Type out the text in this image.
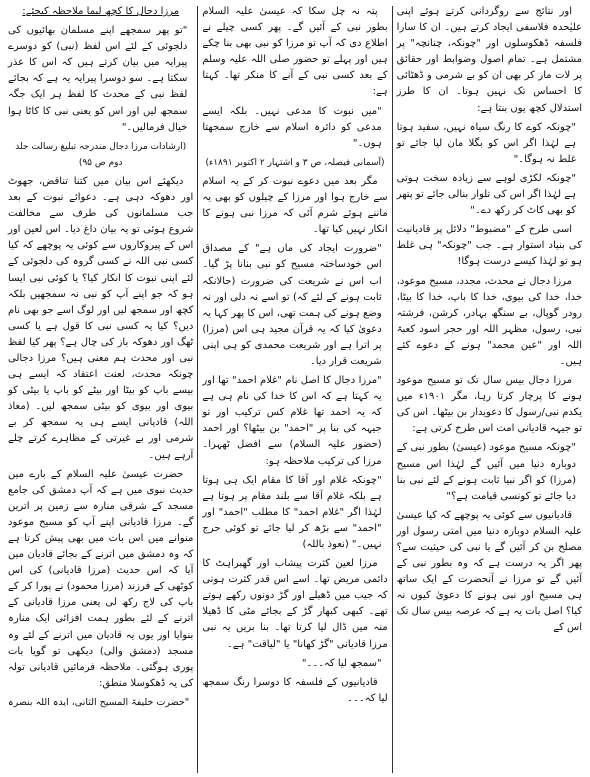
اور نتائج سے روگردانی کرتے ہوئے اپنی علیٰحدہ فلاسفی ایجاد کرتے ہیں۔ ان کا سارا فلسفہ ڈھکوسلوں اور "چونکہ، چنانچہ" پر مشتمل ہے۔ تمام اصول وضوابط اور حقائق پر لات مار کر بھی ان کو بے شرمی و ڈھٹائی کا احساس تک نہیں ہوتا۔ ان کا طرز استدلال کچھ یوں بنتا ہے:

"چونکہ کوے کا رنگ سیاہ نہیں، سفید ہوتا ہے لہٰذا اگر اس کو بگلا مان لیا جائے تو غلط نہ ہوگا۔"

"چونکہ لکڑی لوہے سے زیادہ سخت ہوتی ہے لہٰذا اگر اس کی تلوار بنالی جائے تو پتھر کو بھی کاٹ کر رکھ دے۔"

اسی طرح کے "مضبوط" دلائل پر قادیانیت کی بنیاد استوار ہے۔ جب "چونکہ" ہی غلط ہو تو لہٰذا کیسے درست ہوگا!

مرزا دجال نے محدث، مجدد، مسیح موعود، خدا، خدا کی بیوی، خدا کا باپ، خدا کا بیٹا، رودر گوپال، بے سنگھ بہادر، کرشن، فرشتہ نبی، رسول، مظہر اللہ اور حجر اسود کعبۃ اللہ اور "عین محمد" ہونے کے دعوے کئے ہیں۔

مرزا دجال بیس سال تک تو مسیح موعود ہونے کا پرچار کرتا رہا، مگر ۱۹۰۱ء میں یکدم نبی/رسول کا دعویدار بن بیٹھا۔ اس کی تو جیہہ قادیانی امت اس طرح کرتی ہے:

"چونکہ مسیح موعود (عیسیٰ) بطور نبی کے دوبارہ دنیا میں آئیں گے لہٰذا اس مسیح (مرزا) کو اگر نبیا ثابت ہونے کے لئے نبی بنا دیا جائے تو کونسی قیامت ہے؟"

قادیانیوں سے کوئی یہ پوچھے کہ کیا عیسیٰ علیہ السلام دوبارہ دنیا میں امتی رسول اور مصلح بن کر آئیں گے یا نبی کی حیثیت سے؟ پھر اگر یہ درست ہے کہ وہ بطور نبی کے آئیں گے تو مرزا نے آنحضرت کے ایک ساتھ ہی مسیح اور نبی ہونے کا دعویٰ کیوں نہ کیا؟ اصل بات یہ ہے کہ عرصہ بیس سال تک اس کے

پتہ نہ چل سکا کہ عیسیٰ علیہ السلام بطور نبی کے آئیں گے۔ پھر کسی چیلے نے اطلاع دی کہ آپ تو مرزا کو نبی بھی بنا چکے ہیں اور پہلے تو حضور صلی اللہ علیہ وسلم کے بعد کسی نبی کے آنے کا منکر تھا۔ کہتا ہے:

"میں نبوت کا مدعی نہیں۔ بلکہ ایسے مدعی کو دائرہ اسلام سے خارج سمجھتا ہوں۔"

(آسمانی فیصلہ، ص ۳ و اشتہار ۲ اکتوبر ۱۸۹۱ء)

مگر بعد میں دعوے نبوت کر کے یہ اسلام سے خارج ہوا اور مرزا کے چیلوں کو بھی یہ ماننے ہوئے شرم آئی کہ مرزا نبی ہونے کا انکار نہیں کیا تھا۔

"ضرورت ایجاد کی ماں ہے" کے مصداق اس خودساختہ مسیح کو نبی بنانا پڑ گیا۔ اب اس نے شریعت کی ضرورت (حالانکہ ثابت ہونے کے لئے کہ) تو اسے نہ دلی اور نہ وضع ہونے کی ہمت تھی، اس کا پھر کہا یہ دعویٰ کیا کہ یہ قرآن مجید ہی اس (مرزا) پر اترا ہے اور شریعت محمدی کو ہی اپنی شریعت قرار دیا۔

"مرزا دجال کا اصل نام "غلام احمد" تھا اور یہ کہتا ہے کہ اس کا خدا کی نام ہی ہے کہ یہ احمد تھا غلام کس ترکیب اور تو جیہہ کی بنا پر "احمد" بن بیٹھا؟ اور احمد (حضور علیہ السلام) سے افضل ٹھہرا۔ مرزا کی ترکیب ملاحظہ ہو:

"چونکہ غلام اور آقا کا مقام ایک ہی ہوتا ہے بلکہ غلام آقا سے بلند مقام پر ہوتا ہے لہٰذا اگر "غلام احمد" کا مطلب "احمد" اور "احمد" سے بڑھ کر لیا جائے تو کوئی حرج نہیں۔" (نعوذ باللہ)

مرزا لعین کثرت پیشاب اور گھبراہٹ کا دائمی مریض تھا۔ اسے اس قدر کثرت ہوتی کہ جیب میں ڈھیلے اور گڑ دونوں رکھے ہوتے تھے۔ کبھی کبھار گڑ کے بجائے مٹی کا ڈھیلا منہ میں ڈال لیا کرتا تھا۔ بنا بریں یہ نبی مرزا قادیانی "گڑ کھانا" یا "لیاقت" ہے۔

"سمجھ لیا کہ۔۔۔"

قادیانیوں کے فلسفہ کا دوسرا رنگ سمجھ لیا کہ۔۔۔

مرزا دجال کا کچھ لیما ملاحظہ کیجئے:

"تو پھر سمجھے اپنے مسلمان بھائیوں کی دلجوئی کے لئے اس لفظ (نبی) کو دوسرے پیرایہ میں بیان کرتے ہیں کہ اس کا عذر سکتا ہے۔ سو دوسرا پیرایہ یہ ہے کہ بجائے لفظ نبی کے محدث کا لفظ ہر ایک جگہ سمجھ لیں اور اس کو یعنی نبی کا کاٹا ہوا خیال فرمالیں۔"

(ارشادات مرزا دجال مندرجہ تبلیغ رسالت جلد دوم ص ۹۵)

دیکھئے اس بیان میں کتنا تناقض، جھوٹ اور دھوکہ دہی ہے۔ دعوائے نبوت کے بعد جب مسلمانوں کی طرف سے مخالفت شروع ہوئی تو یہ بیان داغ دیا۔ اس لعین اور اس کے پیروکاروں سے کوئی یہ پوچھے کہ کیا کسی نبی اللہ نے کسی گروہ کی دلجوئی کے لئے اپنی نبوت کا انکار کیا؟ یا کوئی نبی ایسا ہو کہ جو اپنے آپ کو نبی نہ سمجھیں بلکہ کچھ اور سمجھ لیں اور لوگ اسے جو بھی نام دیں؟ کیا یہ کسی نبی کا قول ہے یا کسی ٹھگ اور دھوکہ باز کی چال ہے؟ پھر کیا لفظ نبی اور محدث ہم معنی ہیں؟ مرزا دجالی چونکہ محدث، لعنت اعتقاد کہ ایسے ہی بیسے باپ کو بیٹا اور بیٹے کو باپ یا بیٹی کو بیوی اور بیوی کو بیٹی سمجھ لیں۔ (معاذ اللہ) قادیانی ایسے ہی یہ سمجھ کر بے شرمی اور بے غیرتی کے مظاہرے کرتے چلے آرہے ہیں۔

حضرت عیسیٰ علیہ السلام کے بارے میں حدیث نبوی میں ہے کہ آپ دمشق کی جامع مسجد کے شرقی منارہ سے زمین پر اتریں گے۔ مرزا قادیانی اپنے آپ کو مسیح موعود منوانے میں اس بات میں بھی پیش کرتا ہے کہ وہ دمشق میں اترنے کے بجائے قادیان میں آیا کہ اس حدیث (مرزا قادیانی) کی اس کوٹھی کے فرزند (مرزا محمود) نے پورا کر کے باپ کی لاج رکھ لی یعنی مرزا قادیانی کے اترنے کے لئے بطور ہمت افزائی ایک منارہ بنوایا اور یوں یہ قادیان میں اترنے کے لئے وہ مسجد (دمشق والی) دیکھی تو گویا بات پوری ہوگئی۔ ملاحظہ فرمائیں قادیانی تولہ کی یہ ڈھکوسلا منطق:

"حضرت خلیفۃ المسیح الثانی، ایدہ اللہ بنصرہ
